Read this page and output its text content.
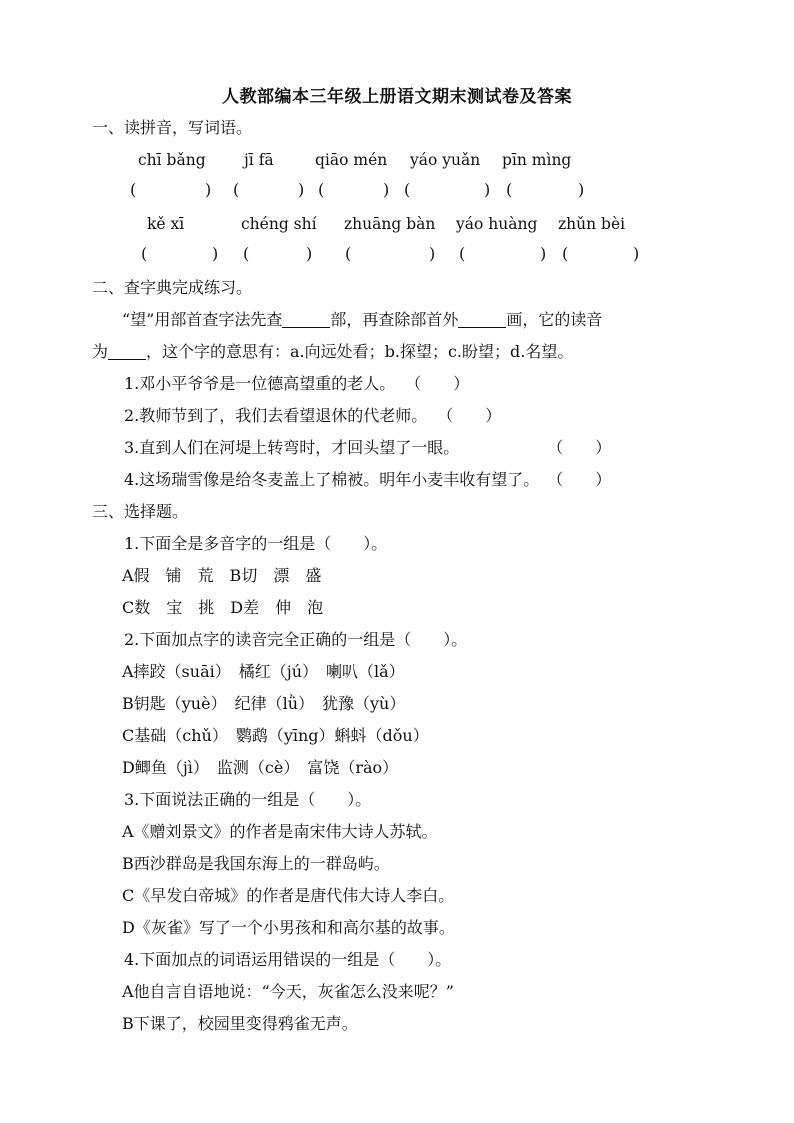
人教部编本三年级上册语文期末测试卷及答案
一、读拼音，写词语。
chī bǎng jī fā	qiāo mén yáo yuǎn pīn mìng
(	) (	) (	) (	) (	)
kě xī	chéng shí zhuāng bàn yáo huàng zhǔn bèi
(	) (	) (	) (	) (	)
二、查字典完成练习。
“望”用部首查字法先查	部，再查除部首外	画，它的读音
为 ，这个字的意思有：a.向远处看；b.探望；c.盼望；d.名望。
1.邓小平爷爷是一位德高望重的老人。 （　　）
2.教师节到了，我们去看望退休的代老师。 （　　）
3.直到人们在河堤上转弯时，才回头望了一眼。	（　　）
4.这场瑞雪像是给冬麦盖上了棉被。明年小麦丰收有望了。 （　　）
三、选择题。
1.下面全是多音字的一组是（　　）。
A假　铺　荒　B切　漂　盛
C数　宝　挑　D差　伸　泡
2.下面加点字的读音完全正确的一组是（　　）。
A摔跤（suāi）　橘红（jú）　喇叭（lǎ）
B钥匙（yuè）　纪律（lǜ）　犹豫（yù）
C基础（chǔ）　鹦鹉（yīng）蝌蚪（dǒu）
D鲫鱼（jì）　监测（cè）　富饶（rào）
3.下面说法正确的一组是（　　）。
A《赠刘景文》的作者是南宋伟大诗人苏轼。
B西沙群岛是我国东海上的一群岛屿。
C《早发白帝城》的作者是唐代伟大诗人李白。
D《灰雀》写了一个小男孩和和高尔基的故事。
4.下面加点的词语运用错误的一组是（　　）。
A他自言自语地说：“今天，灰雀怎么没来呢？”
B下课了，校园里变得鸦雀无声。
